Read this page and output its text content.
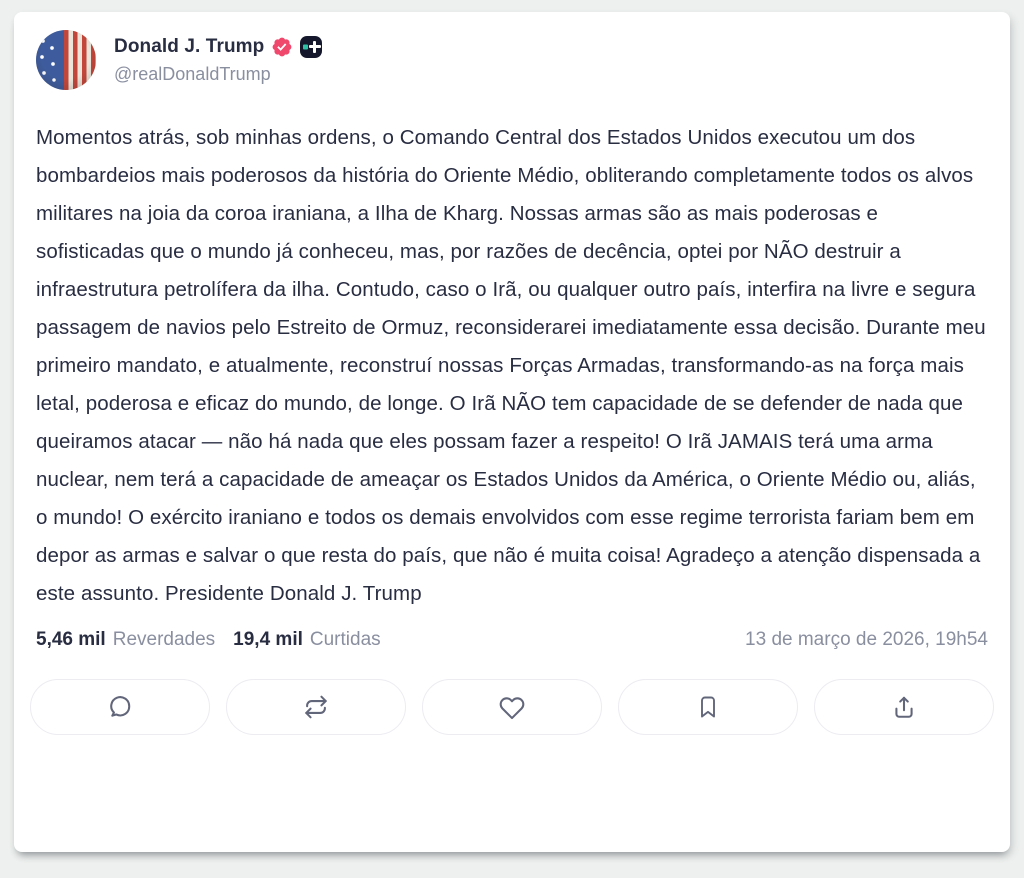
Donald J. Trump
@realDonaldTrump

Momentos atrás, sob minhas ordens, o Comando Central dos Estados Unidos executou um dos bombardeios mais poderosos da história do Oriente Médio, obliterando completamente todos os alvos militares na joia da coroa iraniana, a Ilha de Kharg. Nossas armas são as mais poderosas e sofisticadas que o mundo já conheceu, mas, por razões de decência, optei por NÃO destruir a infraestrutura petrolífera da ilha. Contudo, caso o Irã, ou qualquer outro país, interfira na livre e segura passagem de navios pelo Estreito de Ormuz, reconsiderarei imediatamente essa decisão. Durante meu primeiro mandato, e atualmente, reconstruí nossas Forças Armadas, transformando-as na força mais letal, poderosa e eficaz do mundo, de longe. O Irã NÃO tem capacidade de se defender de nada que queiramos atacar — não há nada que eles possam fazer a respeito! O Irã JAMAIS terá uma arma nuclear, nem terá a capacidade de ameaçar os Estados Unidos da América, o Oriente Médio ou, aliás, o mundo! O exército iraniano e todos os demais envolvidos com esse regime terrorista fariam bem em depor as armas e salvar o que resta do país, que não é muita coisa! Agradeço a atenção dispensada a este assunto. Presidente Donald J. Trump

5,46 mil Reverdades 19,4 mil Curtidas	13 de março de 2026, 19h54
